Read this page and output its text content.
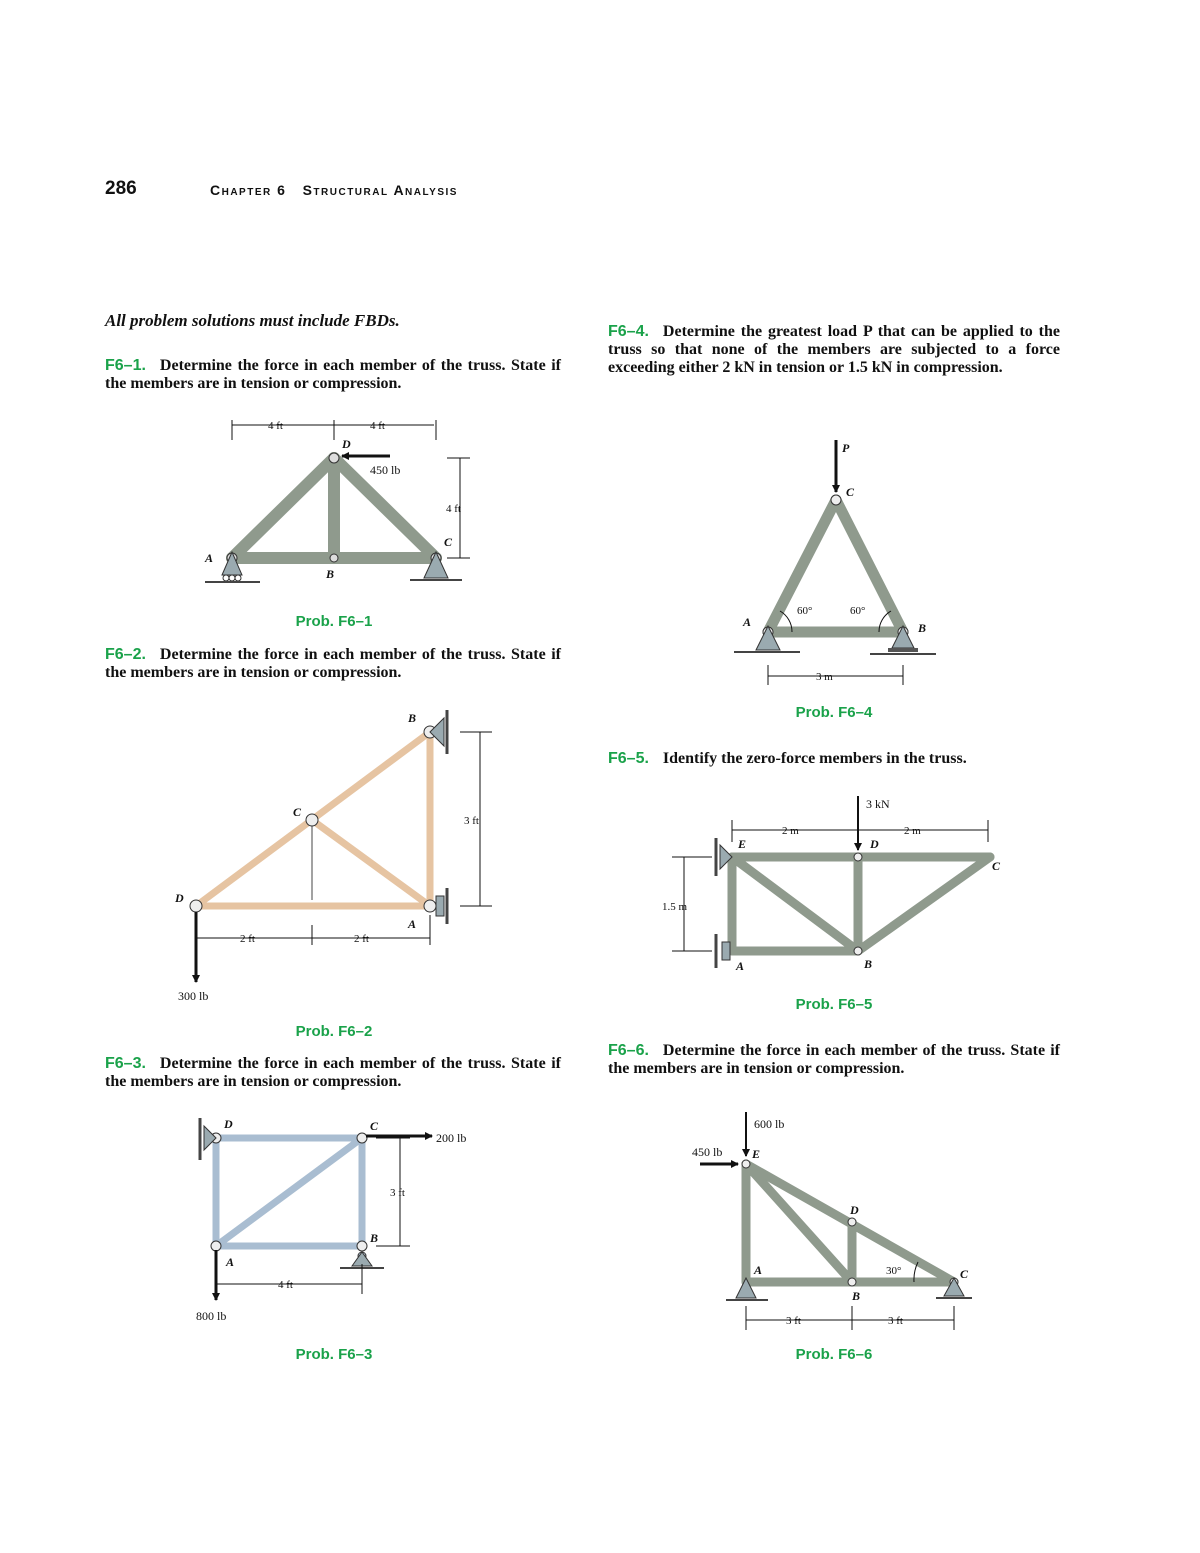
286	Chapter 6 Structural Analysis
All problem solutions must include FBDs.
F6–1. Determine the force in each member of the truss. State if the members are in tension or compression.
F6–2. Determine the force in each member of the truss. State if the members are in tension or compression.
F6–3. Determine the force in each member of the truss. State if the members are in tension or compression.
F6–4. Determine the greatest load P that can be applied to the truss so that none of the members are subjected to a force exceeding either 2 kN in tension or 1.5 kN in compression.
F6–5. Identify the zero-force members in the truss.
F6–6. Determine the force in each member of the truss. State if the members are in tension or compression.
Prob. F6–1
Prob. F6–2
Prob. F6–3
Prob. F6–4
Prob. F6–5
Prob. F6–6
A
B
C
D
4 ft	4 ft
4 ft
450 lb
A
B
C
D
2 ft	2 ft
3 ft
300 lb
A
B
C
D
4 ft
3 ft
200 lb
800 lb
A	B
C
P
60°	60°
3 m
A	B
C
D
E
2 m	2 m
1.5 m
3 kN
A
B
C
D
E
30°
3 ft	3 ft
600 lb
450 lb
